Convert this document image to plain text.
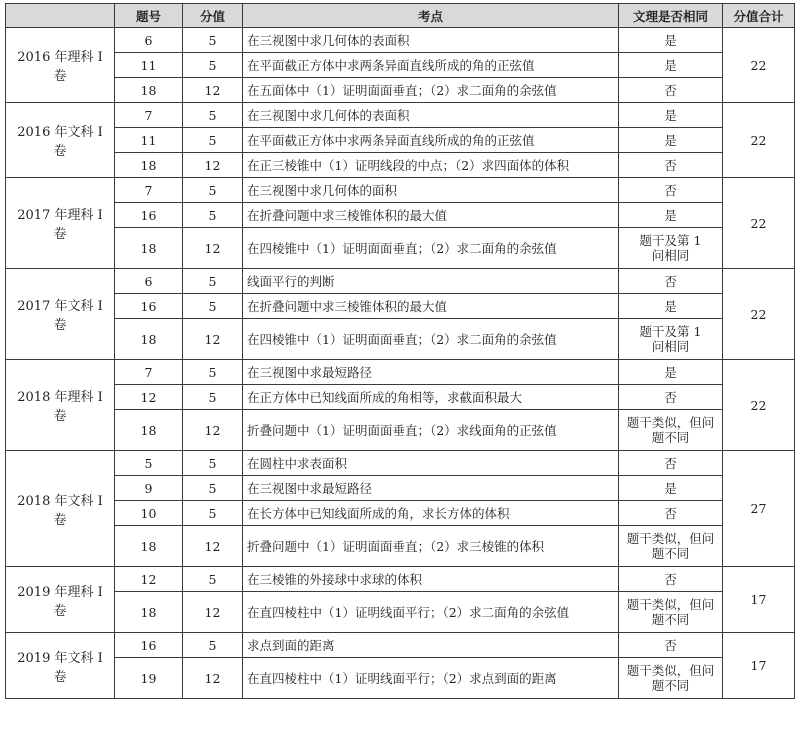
	题号	分值	考点	文理是否相同	分值合计
2016 年理科 Ⅰ 卷	6	5	在三视图中求几何体的表面积	是	22
	11	5	在平面截正方体中求两条异面直线所成的角的正弦值	是	
	18	12	在五面体中（1）证明面面垂直；（2）求二面角的余弦值	否	
2016 年文科 Ⅰ 卷	7	5	在三视图中求几何体的表面积	是	22
	11	5	在平面截正方体中求两条异面直线所成的角的正弦值	是	
	18	12	在正三棱锥中（1）证明线段的中点；（2）求四面体的体积	否	
2017 年理科 Ⅰ 卷	7	5	在三视图中求几何体的面积	否	22
	16	5	在折叠问题中求三棱锥体积的最大值	是	
	18	12	在四棱锥中（1）证明面面垂直；（2）求二面角的余弦值	题干及第 1
问相同	
2017 年文科 Ⅰ 卷	6	5	线面平行的判断	否	22
	16	5	在折叠问题中求三棱锥体积的最大值	是	
	18	12	在四棱锥中（1）证明面面垂直；（2）求二面角的余弦值	题干及第 1
问相同	
2018 年理科 Ⅰ 卷	7	5	在三视图中求最短路径	是	22
	12	5	在正方体中已知线面所成的角相等，求截面积最大	否	
	18	12	折叠问题中（1）证明面面垂直；（2）求线面角的正弦值	题干类似，但问
题不同	
2018 年文科 Ⅰ 卷	5	5	在圆柱中求表面积	否	27
	9	5	在三视图中求最短路径	是	
	10	5	在长方体中已知线面所成的角，求长方体的体积	否	
	18	12	折叠问题中（1）证明面面垂直；（2）求三棱锥的体积	题干类似，但问
题不同	
2019 年理科 Ⅰ 卷	12	5	在三棱锥的外接球中求球的体积	否	17
	18	12	在直四棱柱中（1）证明线面平行；（2）求二面角的余弦值	题干类似，但问
题不同	
2019 年文科 Ⅰ 卷	16	5	求点到面的距离	否	17
	19	12	在直四棱柱中（1）证明线面平行；（2）求点到面的距离	题干类似，但问
题不同	
